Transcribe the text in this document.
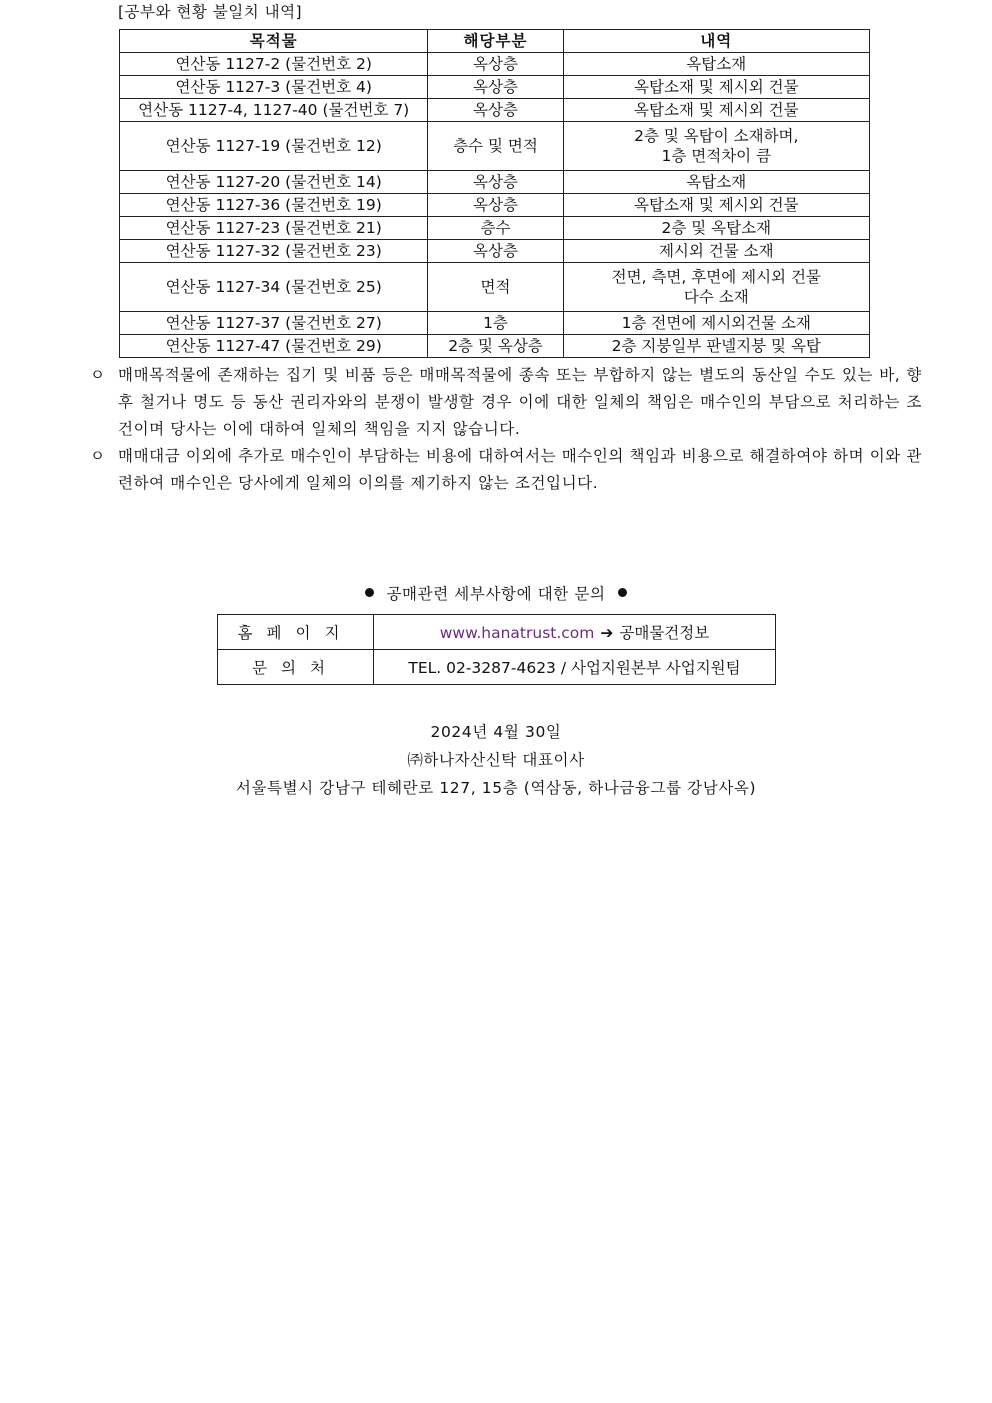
[공부와 현황 불일치 내역]
목적물	해당부분	내역
연산동 1127-2 (물건번호 2)	옥상층	옥탑소재

연산동 1127-3 (물건번호 4)	옥상층	옥탑소재 및 제시외 건물

연산동 1127-4, 1127-40 (물건번호 7)	옥상층	옥탑소재 및 제시외 건물

연산동 1127-19 (물건번호 12)	층수 및 면적	2층 및 옥탑이 소재하며,
1층 면적차이 큼

연산동 1127-20 (물건번호 14)	옥상층	옥탑소재

연산동 1127-36 (물건번호 19)	옥상층	옥탑소재 및 제시외 건물

연산동 1127-23 (물건번호 21)	층수	2층 및 옥탑소재

연산동 1127-32 (물건번호 23)	옥상층	제시외 건물 소재

연산동 1127-34 (물건번호 25)	면적	전면, 측면, 후면에 제시외 건물
다수 소재

연산동 1127-37 (물건번호 27)	1층	1층 전면에 제시외건물 소재

연산동 1127-47 (물건번호 29)	2층 및 옥상층	2층 지붕일부 판넬지붕 및 옥탑
ㅇ 매매목적물에 존재하는 집기 및 비품 등은 매매목적물에 종속 또는 부합하지 않는 별도의 동산일 수도 있는 바, 향후 철거나 명도 등 동산 권리자와의 분쟁이 발생할 경우 이에 대한 일체의 책임은 매수인의 부담으로 처리하는 조건이며 당사는 이에 대하여 일체의 책임을 지지 않습니다.
ㅇ 매매대금 이외에 추가로 매수인이 부담하는 비용에 대하여서는 매수인의 책임과 비용으로 해결하여야 하며 이와 관련하여 매수인은 당사에게 일체의 이의를 제기하지 않는 조건입니다.
공매관련 세부사항에 대한 문의
홈페이지	www.hanatrust.com ➔ 공매물건정보
문의처	TEL. 02-3287-4623 / 사업지원본부 사업지원팀
2024년 4월 30일
㈜하나자산신탁 대표이사
서울특별시 강남구 테헤란로 127, 15층 (역삼동, 하나금융그룹 강남사옥)
